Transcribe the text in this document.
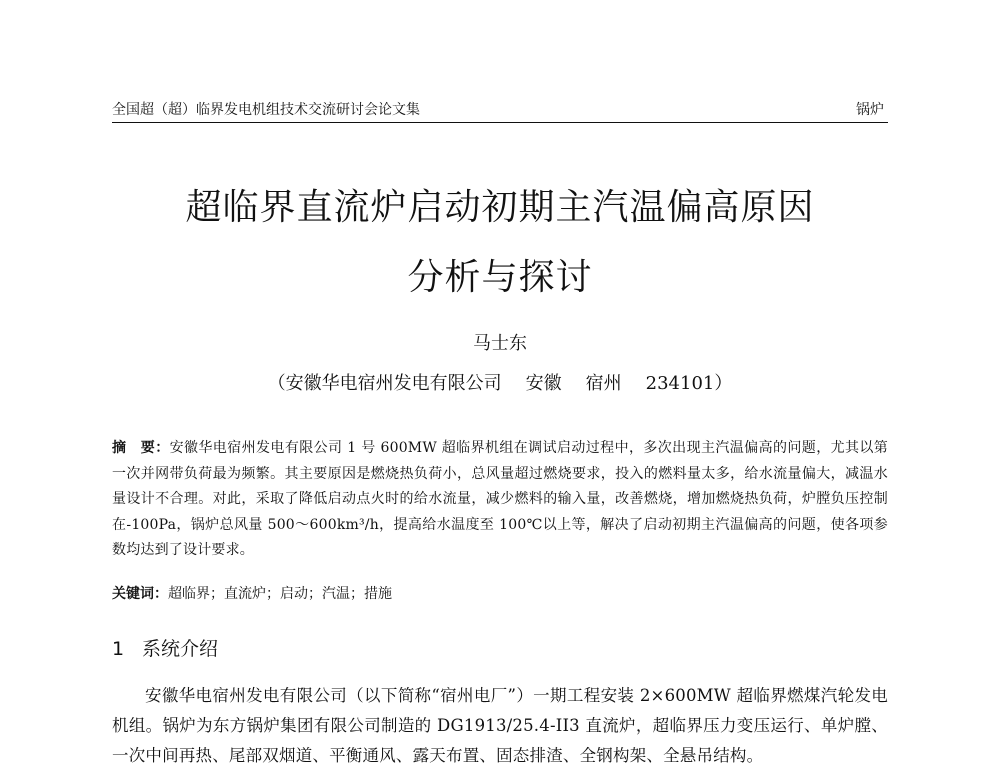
全国超（超）临界发电机组技术交流研讨会论文集	锅炉
超临界直流炉启动初期主汽温偏高原因
分析与探讨
马士东
（安徽华电宿州发电有限公司 安徽 宿州 234101）
摘　要：安徽华电宿州发电有限公司 1 号 600MW 超临界机组在调试启动过程中，多次出现主汽温偏高的问题，尤其以第一次并网带负荷最为频繁。其主要原因是燃烧热负荷小，总风量超过燃烧要求，投入的燃料量太多，给水流量偏大，减温水量设计不合理。对此，采取了降低启动点火时的给水流量，减少燃料的输入量，改善燃烧，增加燃烧热负荷，炉膛负压控制在-100Pa，锅炉总风量 500～600km³/h，提高给水温度至 100℃以上等，解决了启动初期主汽温偏高的问题，使各项参数均达到了设计要求。
关键词：超临界；直流炉；启动；汽温；措施
1 系统介绍
安徽华电宿州发电有限公司（以下简称“宿州电厂”）一期工程安装 2×600MW 超临界燃煤汽轮发电机组。锅炉为东方锅炉集团有限公司制造的 DG1913/25.4-II3 直流炉，超临界压力变压运行、单炉膛、一次中间再热、尾部双烟道、平衡通风、露天布置、固态排渣、全钢构架、全悬吊结构。
